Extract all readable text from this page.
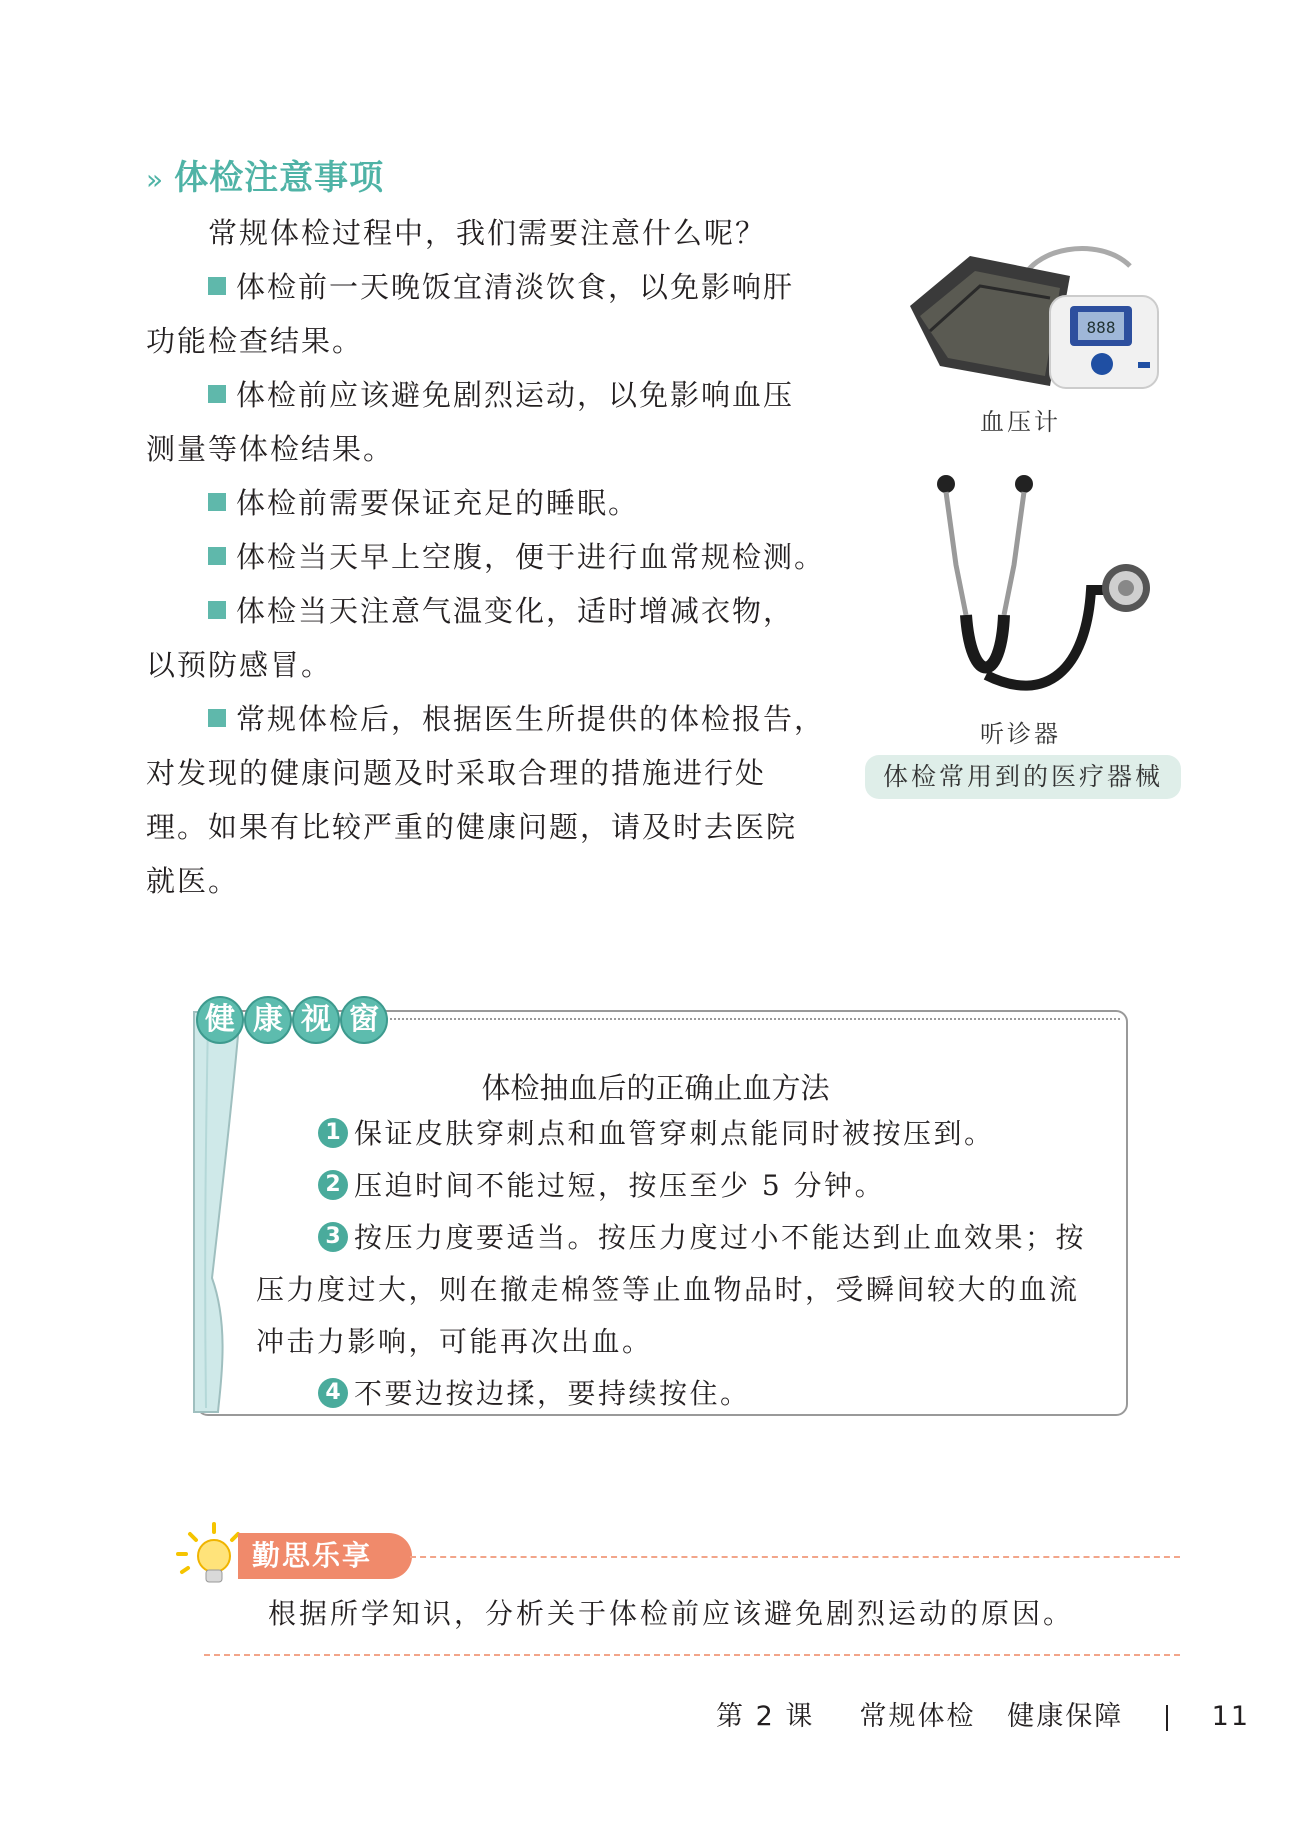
» 体检注意事项
常规体检过程中，我们需要注意什么呢？
体检前一天晚饭宜清淡饮食，以免影响肝
功能检查结果。
体检前应该避免剧烈运动，以免影响血压
测量等体检结果。
体检前需要保证充足的睡眠。
体检当天早上空腹，便于进行血常规检测。
体检当天注意气温变化，适时增减衣物，
以预防感冒。
常规体检后，根据医生所提供的体检报告，
对发现的健康问题及时采取合理的措施进行处
理。如果有比较严重的健康问题，请及时去医院
就医。
888
血压计
听诊器
体检常用到的医疗器械
健 康 视 窗
体检抽血后的正确止血方法
1 保证皮肤穿刺点和血管穿刺点能同时被按压到。
2 压迫时间不能过短，按压至少 5 分钟。
3 按压力度要适当。按压力度过小不能达到止血效果；按
压力度过大，则在撤走棉签等止血物品时，受瞬间较大的血流
冲击力影响，可能再次出血。
4 不要边按边揉，要持续按住。
勤思乐享
根据所学知识，分析关于体检前应该避免剧烈运动的原因。
第 2 课 常规体检   健康保障	11
